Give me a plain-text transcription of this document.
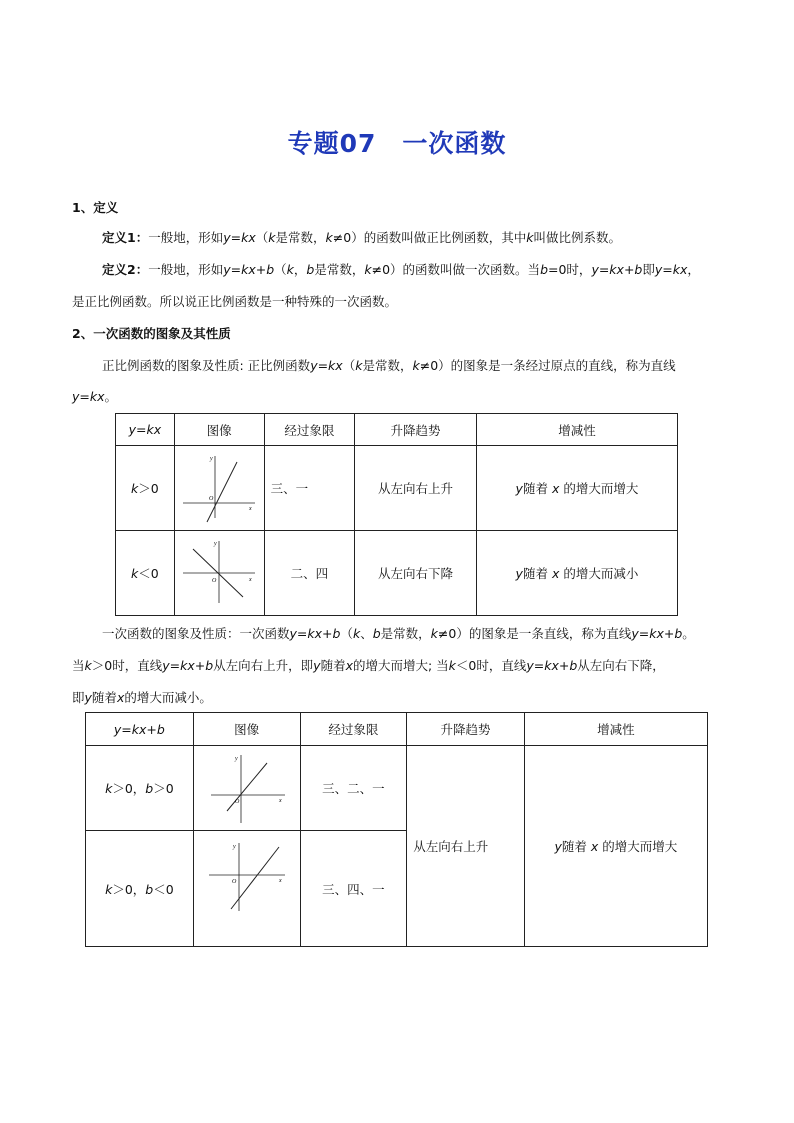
专题07　一次函数
1、定义
定义1：一般地，形如y=kx（k是常数，k≠0）的函数叫做正比例函数，其中k叫做比例系数。
定义2：一般地，形如y=kx+b（k，b是常数，k≠0）的函数叫做一次函数。当b=0时，y=kx+b即y=kx，
是正比例函数。所以说正比例函数是一种特殊的一次函数。
2、一次函数的图象及其性质
正比例函数的图象及性质: 正比例函数y=kx（k是常数，k≠0）的图象是一条经过原点的直线，称为直线
y=kx。
y=kx	图像	经过象限	升降趋势	增减性
k＞0	x
y
O	三、一	从左向右上升	y随着 x 的增大而增大
k＜0	x
y
O	二、四	从左向右下降	y随着 x 的增大而减小
一次函数的图象及性质：一次函数y=kx+b（k、b是常数，k≠0）的图象是一条直线，称为直线y=kx+b。
当k＞0时，直线y=kx+b从左向右上升，即y随着x的增大而增大; 当k＜0时，直线y=kx+b从左向右下降，
即y随着x的增大而减小。
y=kx+b	图像	经过象限	升降趋势	增减性
k＞0，b＞0	x
y
O	三、二、一	从左向右上升	y随着 x 的增大而增大
k＞0，b＜0	x
y
O	三、四、一		
